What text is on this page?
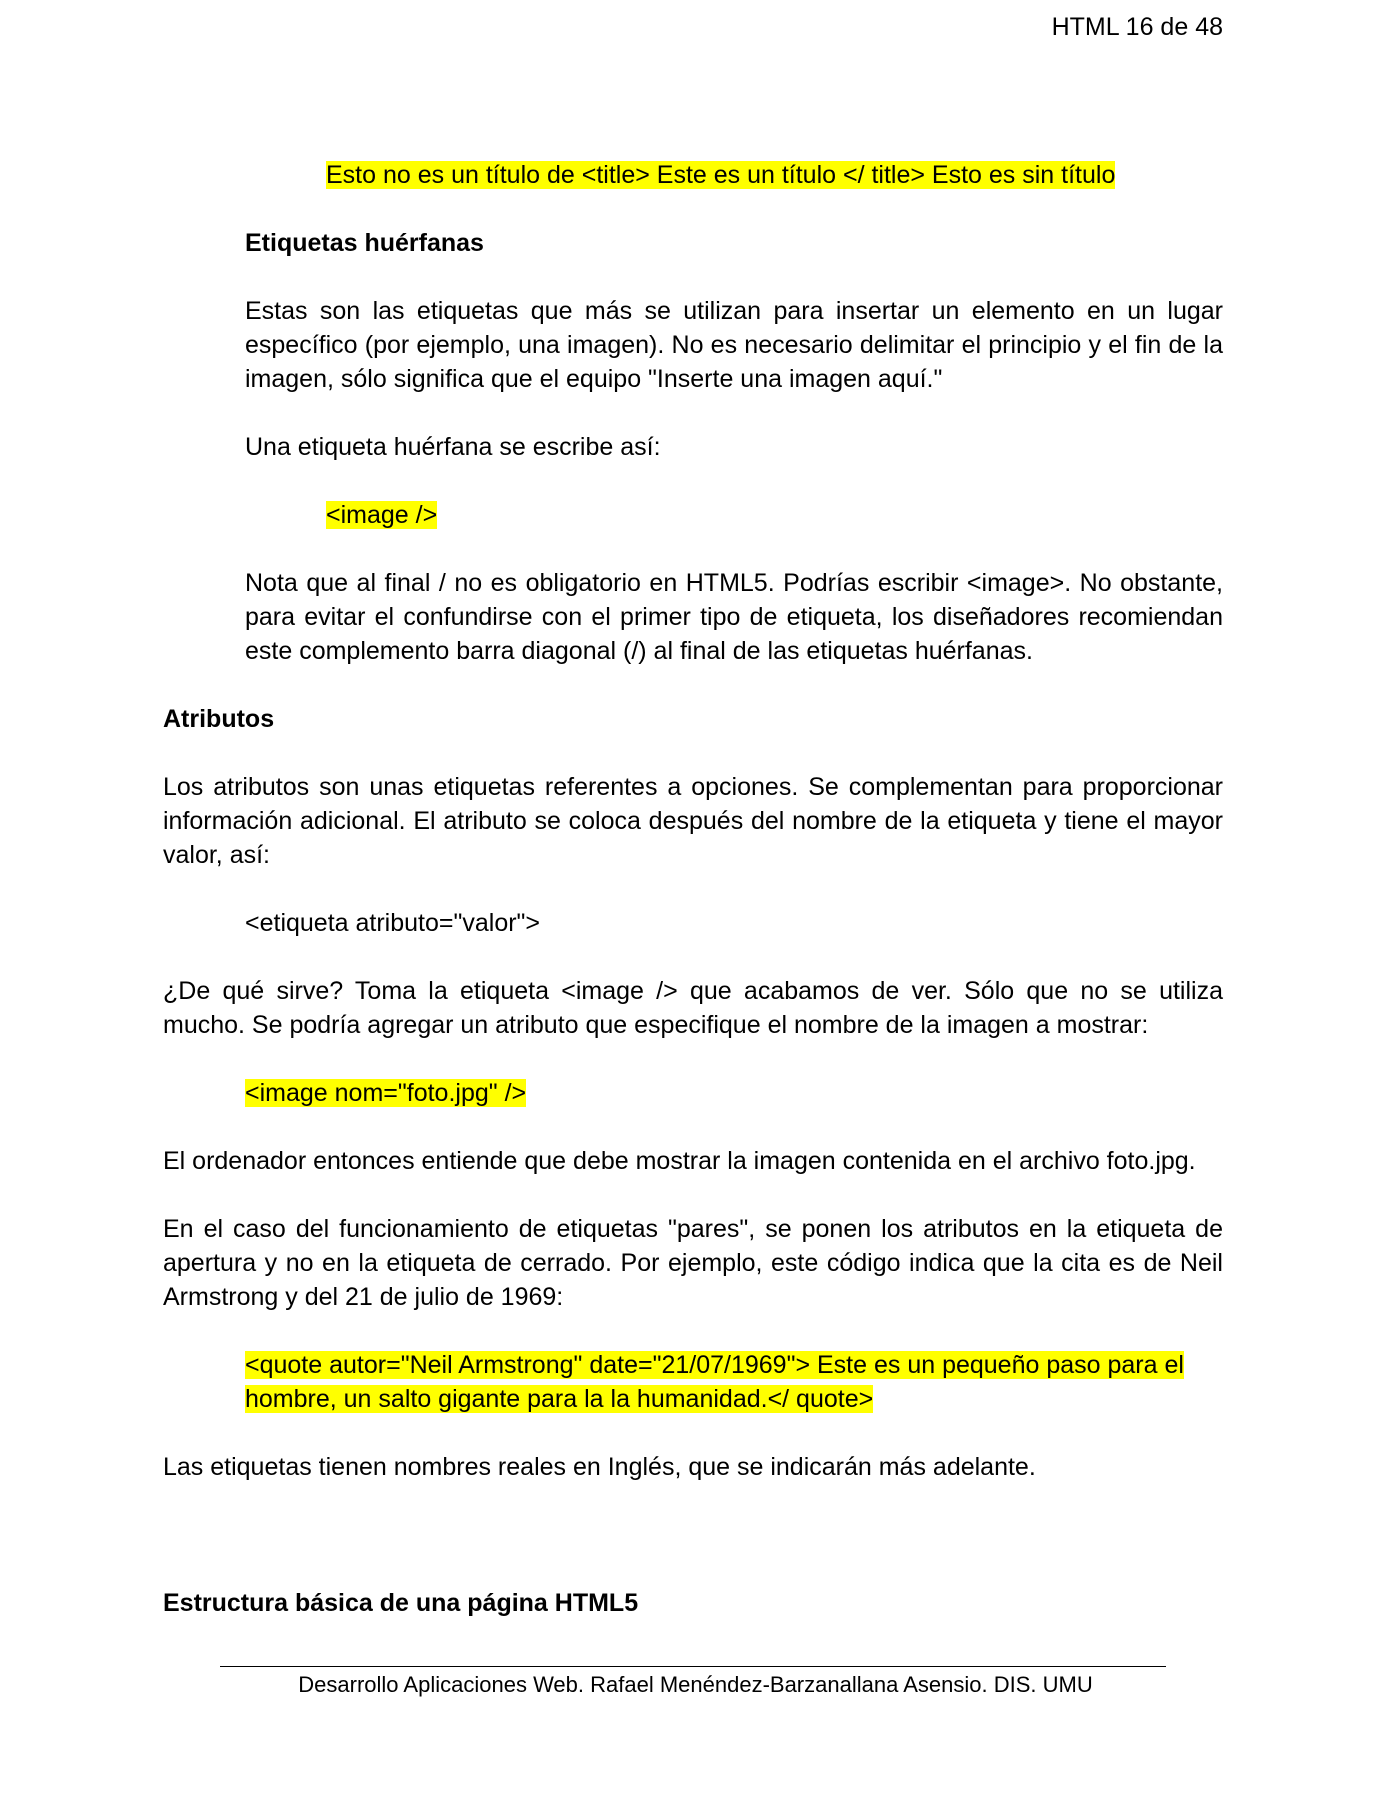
HTML 16 de 48

Esto no es un título de <title> Este es un título </ title> Esto es sin título

Etiquetas huérfanas

Estas son las etiquetas que más se utilizan para insertar un elemento en un lugar específico (por ejemplo, una imagen). No es necesario delimitar el principio y el fin de la imagen, sólo significa que el equipo "Inserte una imagen aquí."

Una etiqueta huérfana se escribe así:

<image />

Nota que al final / no es obligatorio en HTML5. Podrías escribir <image>. No obstante, para evitar el confundirse con el primer tipo de etiqueta, los diseñadores recomiendan este complemento barra diagonal (/) al final de las etiquetas huérfanas.

Atributos

Los atributos son unas etiquetas referentes a opciones. Se complementan para proporcionar información adicional. El atributo se coloca después del nombre de la etiqueta y tiene el mayor valor, así:

<etiqueta atributo="valor">

¿De qué sirve? Toma la etiqueta <image /> que acabamos de ver. Sólo que no se utiliza mucho. Se podría agregar un atributo que especifique el nombre de la imagen a mostrar:

<image nom="foto.jpg" />

El ordenador entonces entiende que debe mostrar la imagen contenida en el archivo foto.jpg.

En el caso del funcionamiento de etiquetas "pares", se ponen los atributos en la etiqueta de apertura y no en la etiqueta de cerrado. Por ejemplo, este código indica que la cita es de Neil Armstrong y del 21 de julio de 1969:

<quote autor="Neil Armstrong" date="21/07/1969"> Este es un pequeño paso para el hombre, un salto gigante para la la humanidad.</ quote>

Las etiquetas tienen nombres reales en Inglés, que se indicarán más adelante.

Estructura básica de una página HTML5

Desarrollo Aplicaciones Web. Rafael Menéndez-Barzanallana Asensio. DIS. UMU
